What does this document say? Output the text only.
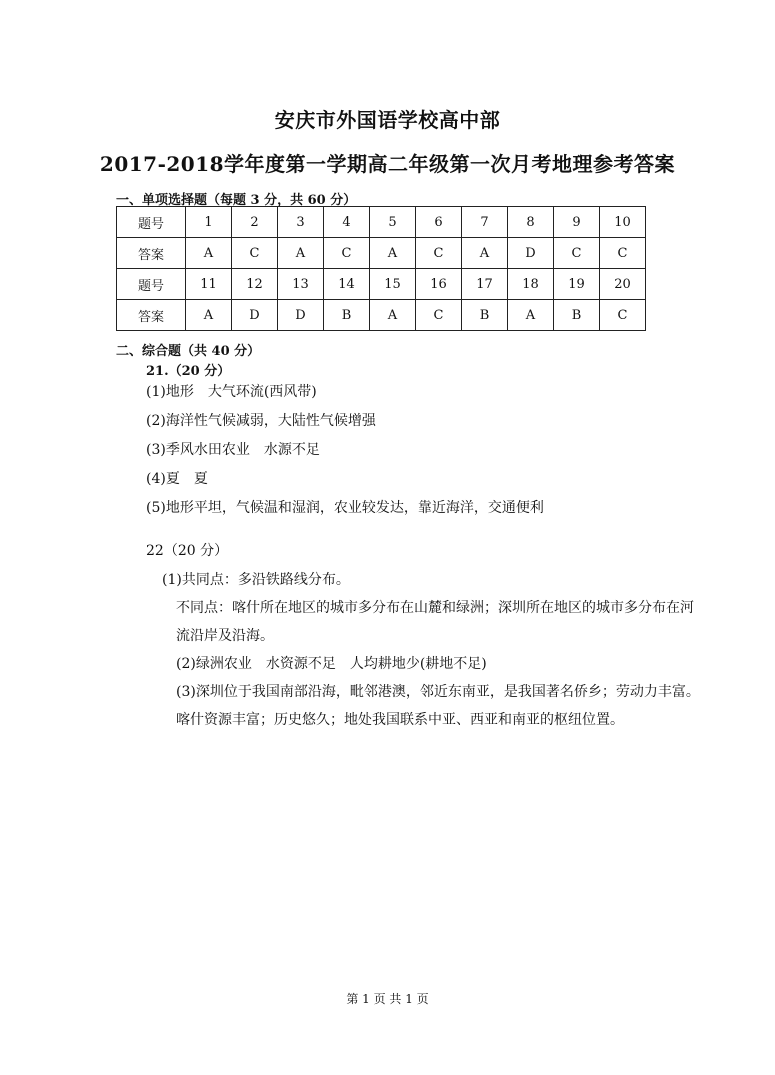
安庆市外国语学校高中部
2017-2018学年度第一学期高二年级第一次月考地理参考答案
一、单项选择题（每题 3 分，共 60 分）
题号	1	2	3	4	5	6	7	8	9	10
答案	A	C	A	C	A	C	A	D	C	C
题号	11	12	13	14	15	16	17	18	19	20
答案	A	D	D	B	A	C	B	A	B	C
二、综合题（共 40 分）
21.（20 分）
(1)地形　大气环流(西风带)
(2)海洋性气候减弱，大陆性气候增强
(3)季风水田农业　水源不足
(4)夏　夏
(5)地形平坦，气候温和湿润，农业较发达，靠近海洋，交通便利
22（20 分）
(1)共同点：多沿铁路线分布。
不同点：喀什所在地区的城市多分布在山麓和绿洲；深圳所在地区的城市多分布在河
流沿岸及沿海。
(2)绿洲农业　水资源不足　人均耕地少(耕地不足)
(3)深圳位于我国南部沿海，毗邻港澳，邻近东南亚，是我国著名侨乡；劳动力丰富。
喀什资源丰富；历史悠久；地处我国联系中亚、西亚和南亚的枢纽位置。
第 1 页 共 1 页
